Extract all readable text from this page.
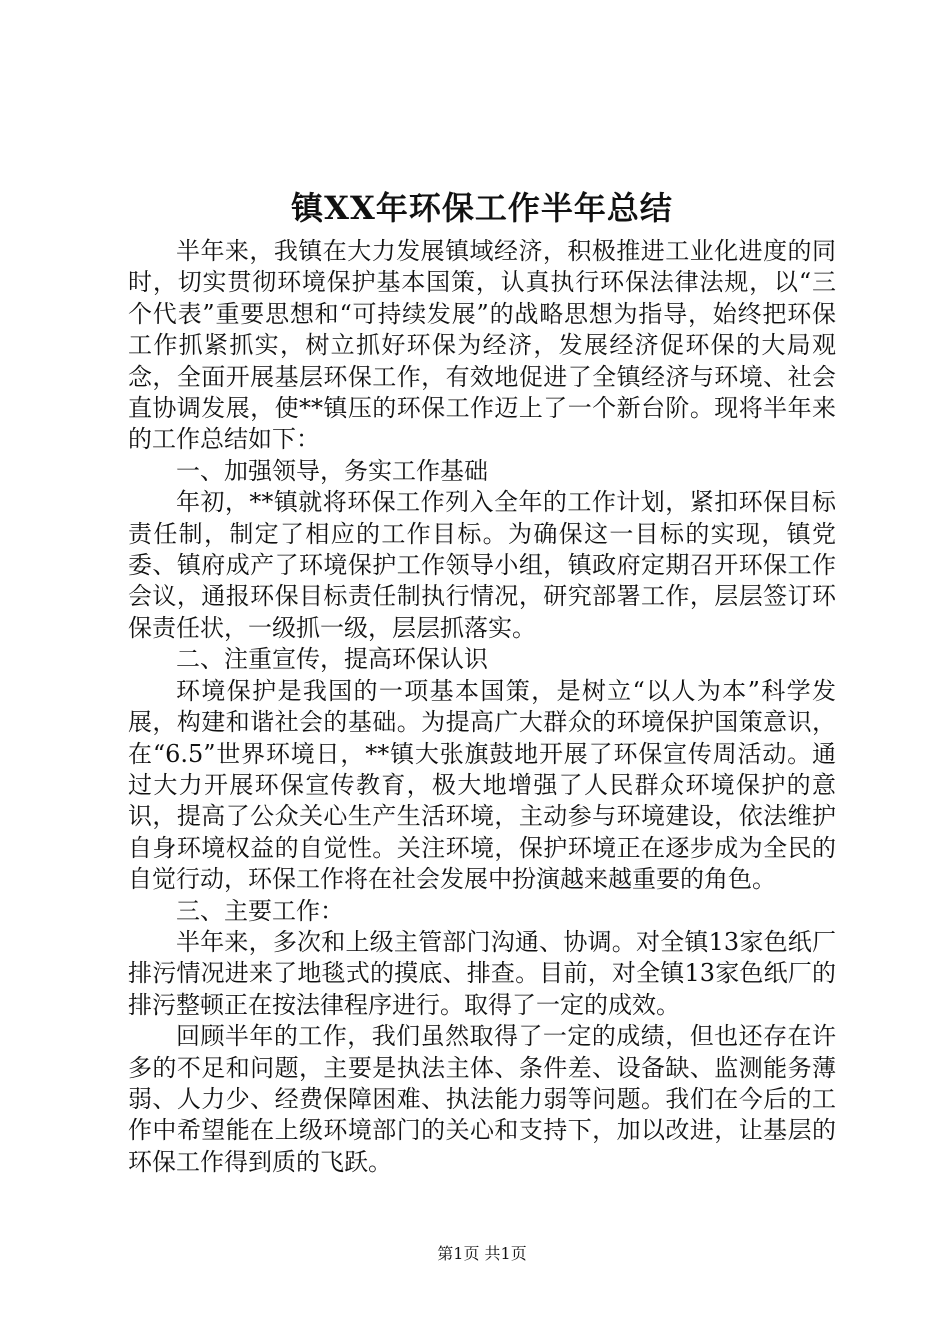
镇XX年环保工作半年总结

半年来，我镇在大力发展镇域经济，积极推进工业化进度的同时，切实贯彻环境保护基本国策，认真执行环保法律法规，以“三个代表”重要思想和“可持续发展”的战略思想为指导，始终把环保工作抓紧抓实，树立抓好环保为经济，发展经济促环保的大局观念，全面开展基层环保工作，有效地促进了全镇经济与环境、社会直协调发展，使**镇压的环保工作迈上了一个新台阶。现将半年来的工作总结如下：

一、加强领导，务实工作基础

年初，**镇就将环保工作列入全年的工作计划，紧扣环保目标责任制，制定了相应的工作目标。为确保这一目标的实现，镇党委、镇府成产了环境保护工作领导小组，镇政府定期召开环保工作会议，通报环保目标责任制执行情况，研究部署工作，层层签订环保责任状，一级抓一级，层层抓落实。

二、注重宣传，提高环保认识

环境保护是我国的一项基本国策，是树立“以人为本”科学发展，构建和谐社会的基础。为提高广大群众的环境保护国策意识，在“6.5”世界环境日，**镇大张旗鼓地开展了环保宣传周活动。通过大力开展环保宣传教育，极大地增强了人民群众环境保护的意识，提高了公众关心生产生活环境，主动参与环境建设，依法维护自身环境权益的自觉性。关注环境，保护环境正在逐步成为全民的自觉行动，环保工作将在社会发展中扮演越来越重要的角色。

三、主要工作：

半年来，多次和上级主管部门沟通、协调。对全镇13家色纸厂排污情况进来了地毯式的摸底、排查。目前，对全镇13家色纸厂的排污整顿正在按法律程序进行。取得了一定的成效。

回顾半年的工作，我们虽然取得了一定的成绩，但也还存在许多的不足和问题，主要是执法主体、条件差、设备缺、监测能务薄弱、人力少、经费保障困难、执法能力弱等问题。我们在今后的工作中希望能在上级环境部门的关心和支持下，加以改进，让基层的环保工作得到质的飞跃。

第1页 共1页
